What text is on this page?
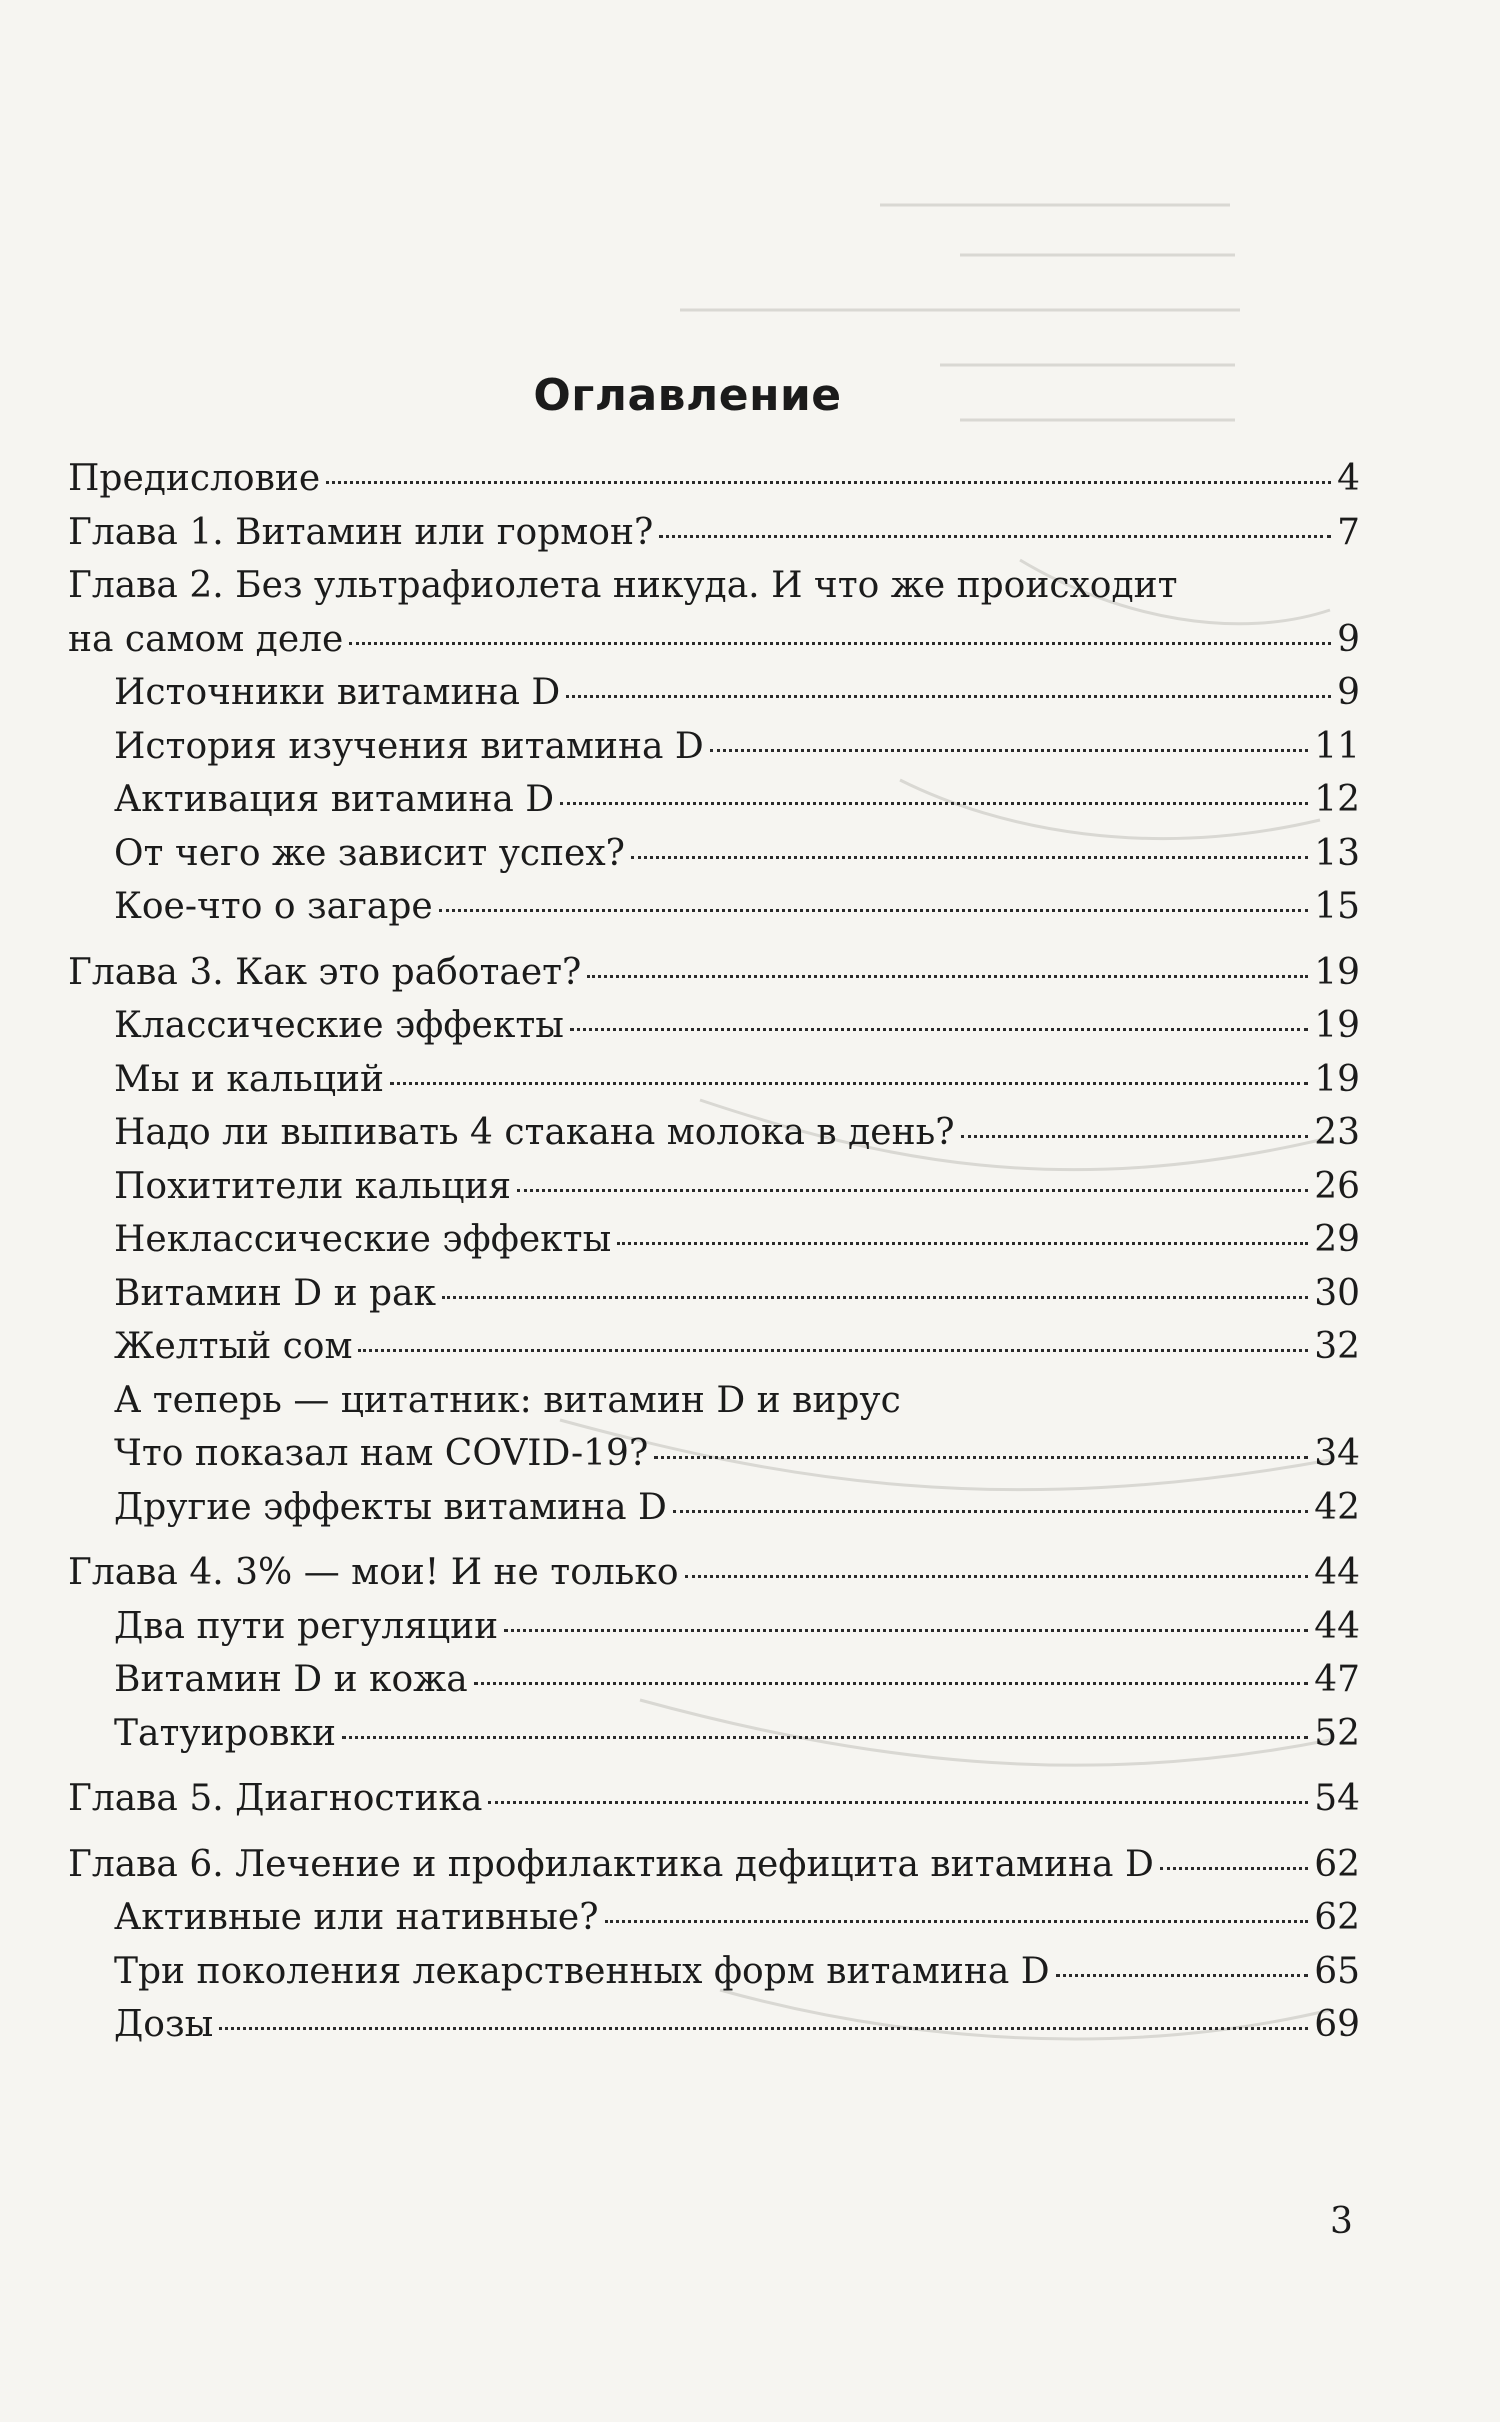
Оглавление
Предисловие	4
Глава 1. Витамин или гормон?	7
Глава 2. Без ультрафиолета никуда. И что же происходит
на самом деле	9
Источники витамина D	9
История изучения витамина D	11
Активация витамина D	12
От чего же зависит успех?	13
Кое-что о загаре	15
Глава 3. Как это работает?	19
Классические эффекты	19
Мы и кальций	19
Надо ли выпивать 4 стакана молока в день?	23
Похитители кальция	26
Неклассические эффекты	29
Витамин D и рак	30
Желтый сом	32
А теперь — цитатник: витамин D и вирус
Что показал нам COVID-19?	34
Другие эффекты витамина D	42
Глава 4. 3% — мои! И не только	44
Два пути регуляции	44
Витамин D и кожа	47
Татуировки	52
Глава 5. Диагностика	54
Глава 6. Лечение и профилактика дефицита витамина D	62
Активные или нативные?	62
Три поколения лекарственных форм витамина D	65
Дозы	69
3
